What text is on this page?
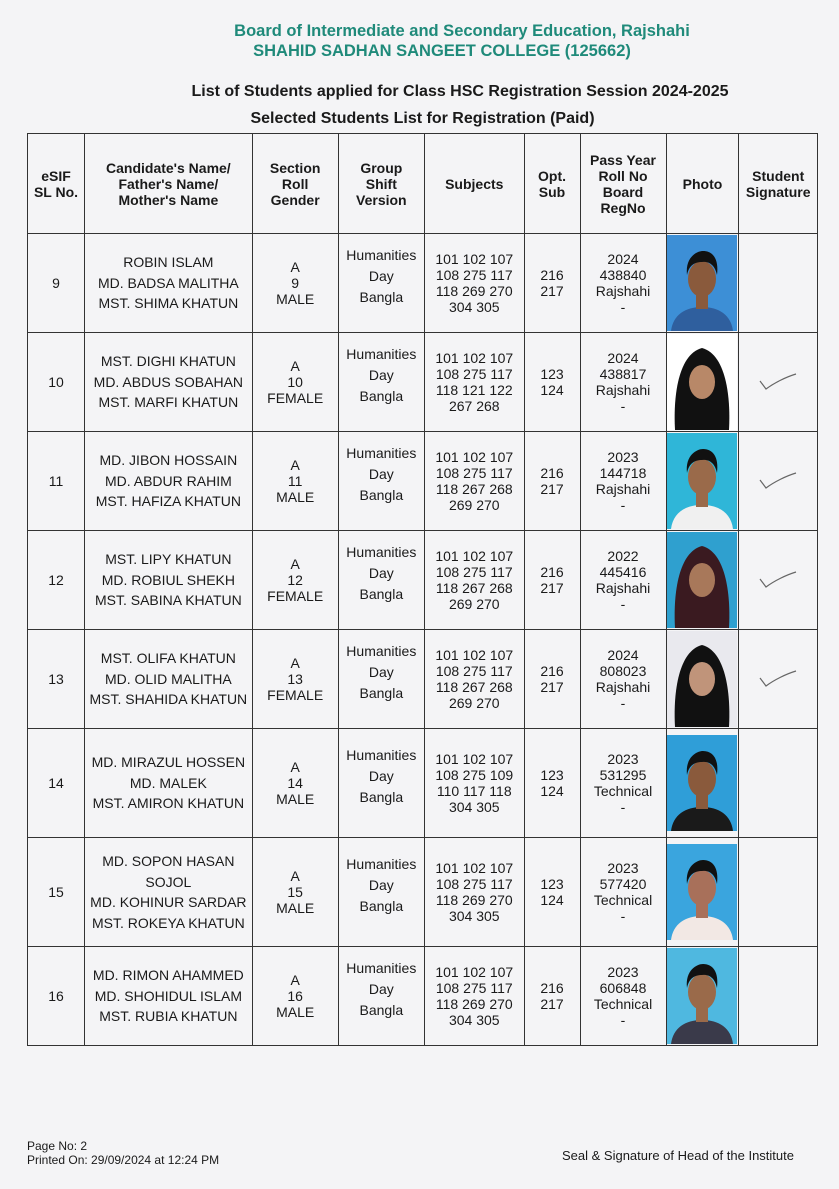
Board of Intermediate and Secondary Education, Rajshahi
SHAHID SADHAN SANGEET COLLEGE (125662)
List of Students applied for Class HSC Registration Session 2024-2025
Selected Students List for Registration (Paid)
eSIF
SL No.	Candidate's Name/
Father's Name/
Mother's Name	Section
Roll
Gender	Group
Shift
Version	Subjects	Opt.
Sub	Pass Year
Roll No
Board
RegNo	Photo	Student
Signature

9	ROBIN ISLAM
MD. BADSA MALITHA
MST. SHIMA KHATUN	A
9
MALE	Humanities
Day
Bangla	101 102 107
108 275 117
118 269 270
304 305	216
217	2024
438840
Rajshahi
-

10	MST. DIGHI KHATUN
MD. ABDUS SOBAHAN
MST. MARFI KHATUN	A
10
FEMALE	Humanities
Day
Bangla	101 102 107
108 275 117
118 121 122
267 268	123
124	2024
438817
Rajshahi
-

11	MD. JIBON HOSSAIN
MD. ABDUR RAHIM
MST. HAFIZA KHATUN	A
11
MALE	Humanities
Day
Bangla	101 102 107
108 275 117
118 267 268
269 270	216
217	2023
144718
Rajshahi
-

12	MST. LIPY KHATUN
MD. ROBIUL SHEKH
MST. SABINA KHATUN	A
12
FEMALE	Humanities
Day
Bangla	101 102 107
108 275 117
118 267 268
269 270	216
217	2022
445416
Rajshahi
-

13	MST. OLIFA KHATUN
MD. OLID MALITHA
MST. SHAHIDA KHATUN	A
13
FEMALE	Humanities
Day
Bangla	101 102 107
108 275 117
118 267 268
269 270	216
217	2024
808023
Rajshahi
-

14	MD. MIRAZUL HOSSEN
MD. MALEK
MST. AMIRON KHATUN	A
14
MALE	Humanities
Day
Bangla	101 102 107
108 275 109
110 117 118
304 305	123
124	2023
531295
Technical
-

15	MD. SOPON HASAN
SOJOL
MD. KOHINUR SARDAR
MST. ROKEYA KHATUN	A
15
MALE	Humanities
Day
Bangla	101 102 107
108 275 117
118 269 270
304 305	123
124	2023
577420
Technical
-

16	MD. RIMON AHAMMED
MD. SHOHIDUL ISLAM
MST. RUBIA KHATUN	A
16
MALE	Humanities
Day
Bangla	101 102 107
108 275 117
118 269 270
304 305	216
217	2023
606848
Technical
-

Page No: 2
Printed On: 29/09/2024 at 12:24 PM	Seal & Signature of Head of the Institute
